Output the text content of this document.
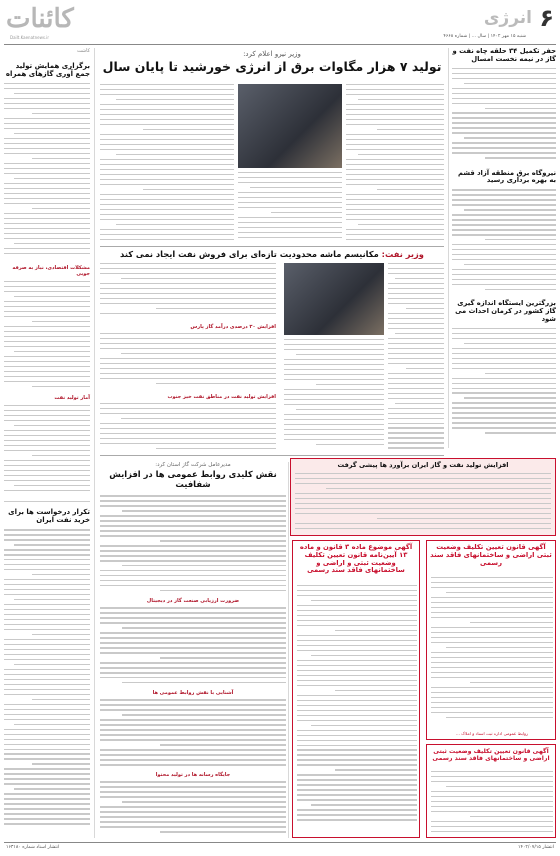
۶
انرژی
شنبه ۱۵ مهر ۱۴۰۲ | سال ... | شماره ۴۶۶۸
کائنات
Dailt.Kaenatnews.ir
کاشت
برگزاری همایش تولید جمع آوری گازهای همراه
مشکلات اقتصادی، نیاز به صرفه جویی
آمار تولید نفت
تکرار درخواست ها برای خرید نفت ایران
حفر تکمیل ۳۴ حلقه چاه نفت و گاز در نیمه نخست امسال
نیروگاه برق منطقه آزاد قشم به بهره برداری رسید
بزرگترین ایستگاه اندازه گیری گاز کشور در کرمان احداث می شود
وزیر نیرو اعلام کرد:
تولید ۷ هزار مگاوات برق از انرژی خورشید تا پایان سال
وزیر نفت: مکانیسم ماشه محدودیت تازه‌ای برای فروش نفت ایجاد نمی کند
افزایش ۳۰ درصدی درآمد گاز پارس
افزایش تولید نفت در مناطق نفت خیز جنوب
افزایش تولید نفت و گاز ایران برآورد ها پیشی گرفت
مدیرعامل شرکت گاز استان کرد:
نقش کلیدی روابط عمومی ها در افزایش شفافیت
ضرورت ارزیابی صنعت گاز در دیجیتال
آشنایی با نقش روابط عمومی ها
جایگاه رسانه ها در تولید محتوا
آگهی موضوع ماده ۳ قانون و ماده ۱۳ آیین‌نامه قانون تعیین تکلیف وضعیت ثبتی و اراضی و ساختمانهای فاقد سند رسمی
آگهی قانون تعیین تکلیف وضعیت ثبتی اراضی و ساختمانهای فاقد سند رسمی
روابط عمومی اداره ثبت اسناد و املاک ...
آگهی قانون تعیین تکلیف وضعیت ثبتی اراضی و ساختمانهای فاقد سند رسمی
انتشار اسناد شماره ۱۶۳۱۸۰	انتشار ۱۴۰۲/۰۷/۱۵
